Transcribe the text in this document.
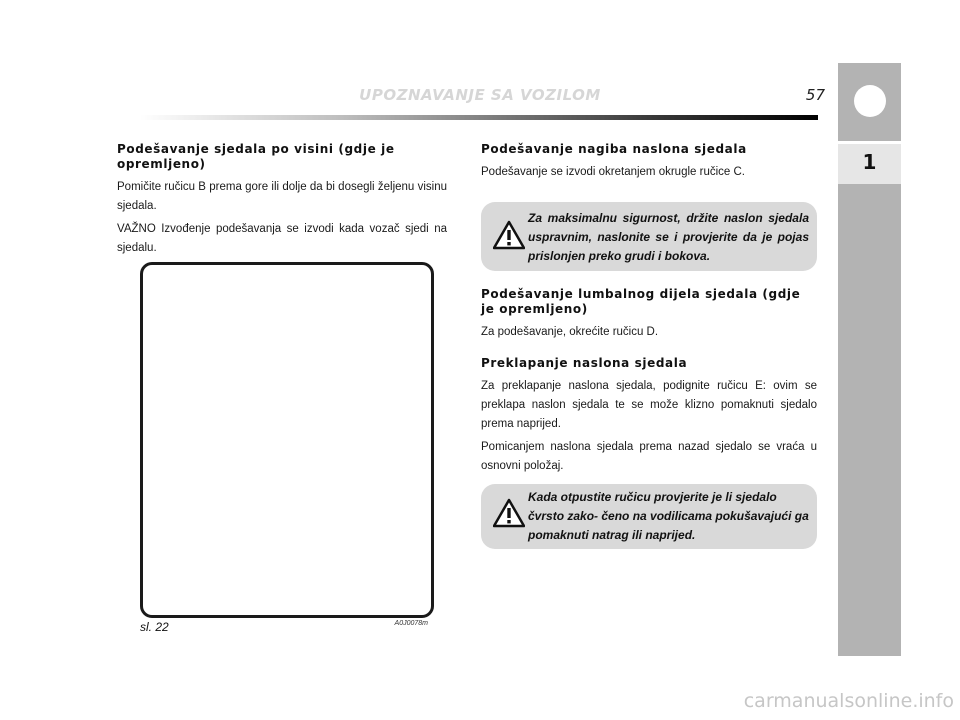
UPOZNAVANJE SA VOZILOM	57
1
Podešavanje sjedala po visini (gdje je opremljeno)

Pomičite ručicu B prema gore ili dolje da bi dosegli željenu visinu sjedala.

VAŽNO Izvođenje podešavanja se izvodi kada vozač sjedi na sjedalu.

sl. 22	A0J0078m
Podešavanje nagiba naslona sjedala

Podešavanje se izvodi okretanjem okrugle ručice C.

Podešavanje lumbalnog dijela sjedala (gdje je opremljeno)

Za podešavanje, okrećite ručicu D.

Preklapanje naslona sjedala

Za preklapanje naslona sjedala, podignite ručicu E: ovim se preklapa naslon sjedala te se može klizno pomaknuti sjedalo prema naprijed.

Pomicanjem naslona sjedala prema nazad sjedalo se vraća u osnovni položaj.

Za maksimalnu sigurnost, držite naslon sjedala uspravnim, naslonite se i provjerite da je pojas prislonjen preko grudi i bokova.
Kada otpustite ručicu provjerite je li sjedalo čvrsto zako- čeno na vodilicama pokušavajući ga pomaknuti natrag ili naprijed.
carmanualsonline.info
